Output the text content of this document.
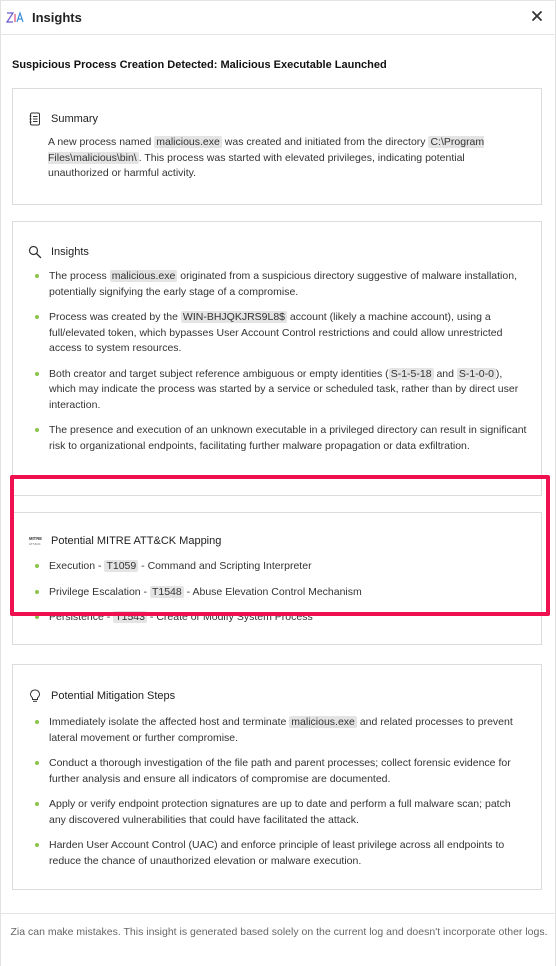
Insights
Suspicious Process Creation Detected: Malicious Executable Launched
Summary
A new process named malicious.exe was created and initiated from the directory C:\Program Files\malicious\bin\ . This process was started with elevated privileges, indicating potential unauthorized or harmful activity.
Insights
The process malicious.exe originated from a suspicious directory suggestive of malware installation, potentially signifying the early stage of a compromise.
Process was created by the WIN-BHJQKJRS9L8$ account (likely a machine account), using a full/elevated token, which bypasses User Account Control restrictions and could allow unrestricted access to system resources.
Both creator and target subject reference ambiguous or empty identities ( S-1-5-18 and S-1-0-0 ), which may indicate the process was started by a service or scheduled task, rather than by direct user interaction.
The presence and execution of an unknown executable in a privileged directory can result in significant risk to organizational endpoints, facilitating further malware propagation or data exfiltration.
MITRE
ATT&CK Potential MITRE ATT&CK Mapping
Execution - T1059 - Command and Scripting Interpreter
Privilege Escalation - T1548 - Abuse Elevation Control Mechanism
Persistence - T1543 - Create or Modify System Process
Potential Mitigation Steps
Immediately isolate the affected host and terminate malicious.exe and related processes to prevent lateral movement or further compromise.
Conduct a thorough investigation of the file path and parent processes; collect forensic evidence for further analysis and ensure all indicators of compromise are documented.
Apply or verify endpoint protection signatures are up to date and perform a full malware scan; patch any discovered vulnerabilities that could have facilitated the attack.
Harden User Account Control (UAC) and enforce principle of least privilege across all endpoints to reduce the chance of unauthorized elevation or malware execution.
Zia can make mistakes. This insight is generated based solely on the current log and doesn't incorporate other logs.
